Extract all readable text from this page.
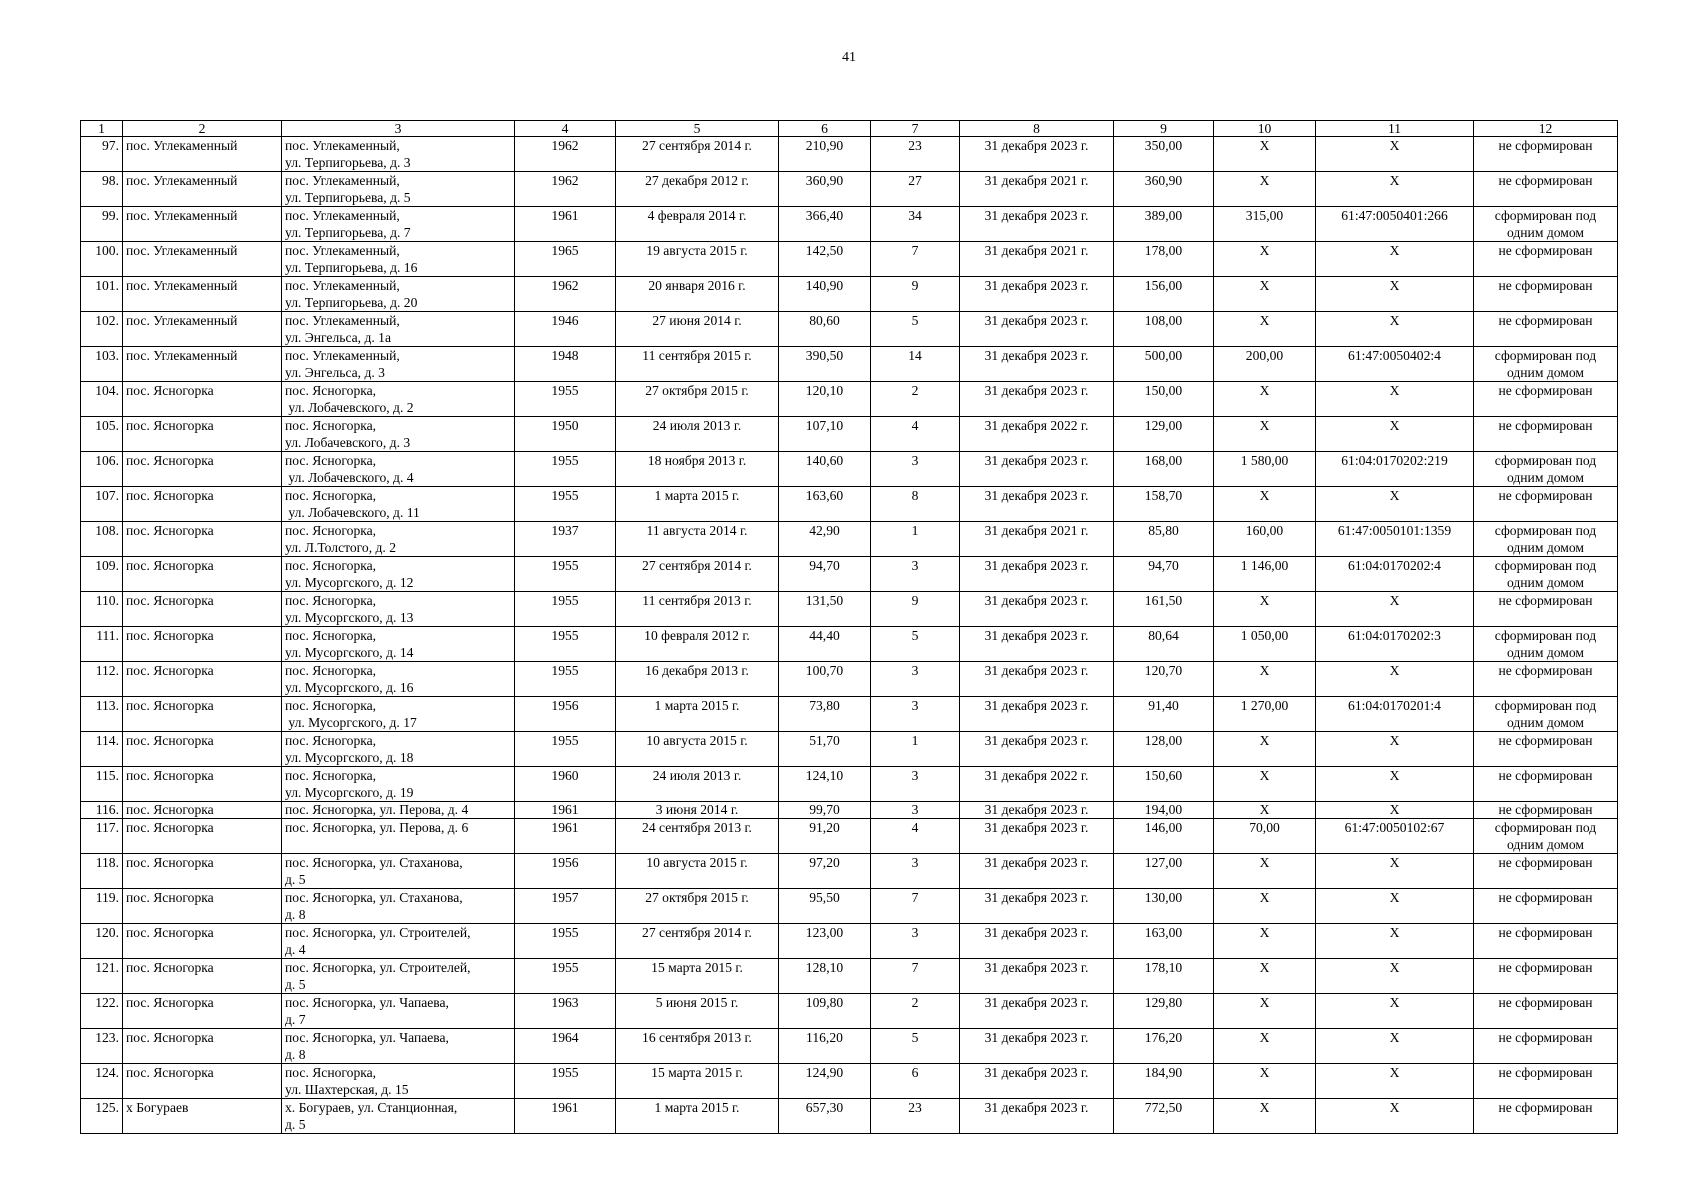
41
1	2	3	4	5	6	7	8	9	10	11	12
97.	пос. Углекаменный	пос. Углекаменный,
ул. Терпигорьева, д. 3	1962	27 сентября 2014 г.	210,90	23	31 декабря 2023 г.	350,00	X	X	не сформирован

98.	пос. Углекаменный	пос. Углекаменный,
ул. Терпигорьева, д. 5	1962	27 декабря 2012 г.	360,90	27	31 декабря 2021 г.	360,90	X	X	не сформирован

99.	пос. Углекаменный	пос. Углекаменный,
ул. Терпигорьева, д. 7	1961	4 февраля 2014 г.	366,40	34	31 декабря 2023 г.	389,00	315,00	61:47:0050401:266	сформирован под
одним домом

100.	пос. Углекаменный	пос. Углекаменный,
ул. Терпигорьева, д. 16	1965	19 августа 2015 г.	142,50	7	31 декабря 2021 г.	178,00	X	X	не сформирован

101.	пос. Углекаменный	пос. Углекаменный,
ул. Терпигорьева, д. 20	1962	20 января 2016 г.	140,90	9	31 декабря 2023 г.	156,00	X	X	не сформирован

102.	пос. Углекаменный	пос. Углекаменный,
ул. Энгельса, д. 1а	1946	27 июня 2014 г.	80,60	5	31 декабря 2023 г.	108,00	X	X	не сформирован

103.	пос. Углекаменный	пос. Углекаменный,
ул. Энгельса, д. 3	1948	11 сентября 2015 г.	390,50	14	31 декабря 2023 г.	500,00	200,00	61:47:0050402:4	сформирован под
одним домом

104.	пос. Ясногорка	пос. Ясногорка,
ул. Лобачевского, д. 2	1955	27 октября 2015 г.	120,10	2	31 декабря 2023 г.	150,00	X	X	не сформирован

105.	пос. Ясногорка	пос. Ясногорка,
ул. Лобачевского, д. 3	1950	24 июля 2013 г.	107,10	4	31 декабря 2022 г.	129,00	X	X	не сформирован

106.	пос. Ясногорка	пос. Ясногорка,
ул. Лобачевского, д. 4	1955	18 ноября 2013 г.	140,60	3	31 декабря 2023 г.	168,00	1 580,00	61:04:0170202:219	сформирован под
одним домом

107.	пос. Ясногорка	пос. Ясногорка,
ул. Лобачевского, д. 11	1955	1 марта 2015 г.	163,60	8	31 декабря 2023 г.	158,70	X	X	не сформирован

108.	пос. Ясногорка	пос. Ясногорка,
ул. Л.Толстого, д. 2	1937	11 августа 2014 г.	42,90	1	31 декабря 2021 г.	85,80	160,00	61:47:0050101:1359	сформирован под
одним домом

109.	пос. Ясногорка	пос. Ясногорка,
ул. Мусоргского, д. 12	1955	27 сентября 2014 г.	94,70	3	31 декабря 2023 г.	94,70	1 146,00	61:04:0170202:4	сформирован под
одним домом

110.	пос. Ясногорка	пос. Ясногорка,
ул. Мусоргского, д. 13	1955	11 сентября 2013 г.	131,50	9	31 декабря 2023 г.	161,50	X	X	не сформирован

111.	пос. Ясногорка	пос. Ясногорка,
ул. Мусоргского, д. 14	1955	10 февраля 2012 г.	44,40	5	31 декабря 2023 г.	80,64	1 050,00	61:04:0170202:3	сформирован под
одним домом

112.	пос. Ясногорка	пос. Ясногорка,
ул. Мусоргского, д. 16	1955	16 декабря 2013 г.	100,70	3	31 декабря 2023 г.	120,70	X	X	не сформирован

113.	пос. Ясногорка	пос. Ясногорка,
ул. Мусоргского, д. 17	1956	1 марта 2015 г.	73,80	3	31 декабря 2023 г.	91,40	1 270,00	61:04:0170201:4	сформирован под
одним домом

114.	пос. Ясногорка	пос. Ясногорка,
ул. Мусоргского, д. 18	1955	10 августа 2015 г.	51,70	1	31 декабря 2023 г.	128,00	X	X	не сформирован

115.	пос. Ясногорка	пос. Ясногорка,
ул. Мусоргского, д. 19	1960	24 июля 2013 г.	124,10	3	31 декабря 2022 г.	150,60	X	X	не сформирован

116.	пос. Ясногорка	пос. Ясногорка, ул. Перова, д. 4	1961	3 июня 2014 г.	99,70	3	31 декабря 2023 г.	194,00	X	X	не сформирован

117.	пос. Ясногорка	пос. Ясногорка, ул. Перова, д. 6	1961	24 сентября 2013 г.	91,20	4	31 декабря 2023 г.	146,00	70,00	61:47:0050102:67	сформирован под
одним домом

118.	пос. Ясногорка	пос. Ясногорка, ул. Стаханова,
д. 5	1956	10 августа 2015 г.	97,20	3	31 декабря 2023 г.	127,00	X	X	не сформирован

119.	пос. Ясногорка	пос. Ясногорка, ул. Стаханова,
д. 8	1957	27 октября 2015 г.	95,50	7	31 декабря 2023 г.	130,00	X	X	не сформирован

120.	пос. Ясногорка	пос. Ясногорка, ул. Строителей,
д. 4	1955	27 сентября 2014 г.	123,00	3	31 декабря 2023 г.	163,00	X	X	не сформирован

121.	пос. Ясногорка	пос. Ясногорка, ул. Строителей,
д. 5	1955	15 марта 2015 г.	128,10	7	31 декабря 2023 г.	178,10	X	X	не сформирован

122.	пос. Ясногорка	пос. Ясногорка, ул. Чапаева,
д. 7	1963	5 июня 2015 г.	109,80	2	31 декабря 2023 г.	129,80	X	X	не сформирован

123.	пос. Ясногорка	пос. Ясногорка, ул. Чапаева,
д. 8	1964	16 сентября 2013 г.	116,20	5	31 декабря 2023 г.	176,20	X	X	не сформирован

124.	пос. Ясногорка	пос. Ясногорка,
ул. Шахтерская, д. 15	1955	15 марта 2015 г.	124,90	6	31 декабря 2023 г.	184,90	X	X	не сформирован

125.	х Богураев	х. Богураев, ул. Станционная,
д. 5	1961	1 марта 2015 г.	657,30	23	31 декабря 2023 г.	772,50	X	X	не сформирован
